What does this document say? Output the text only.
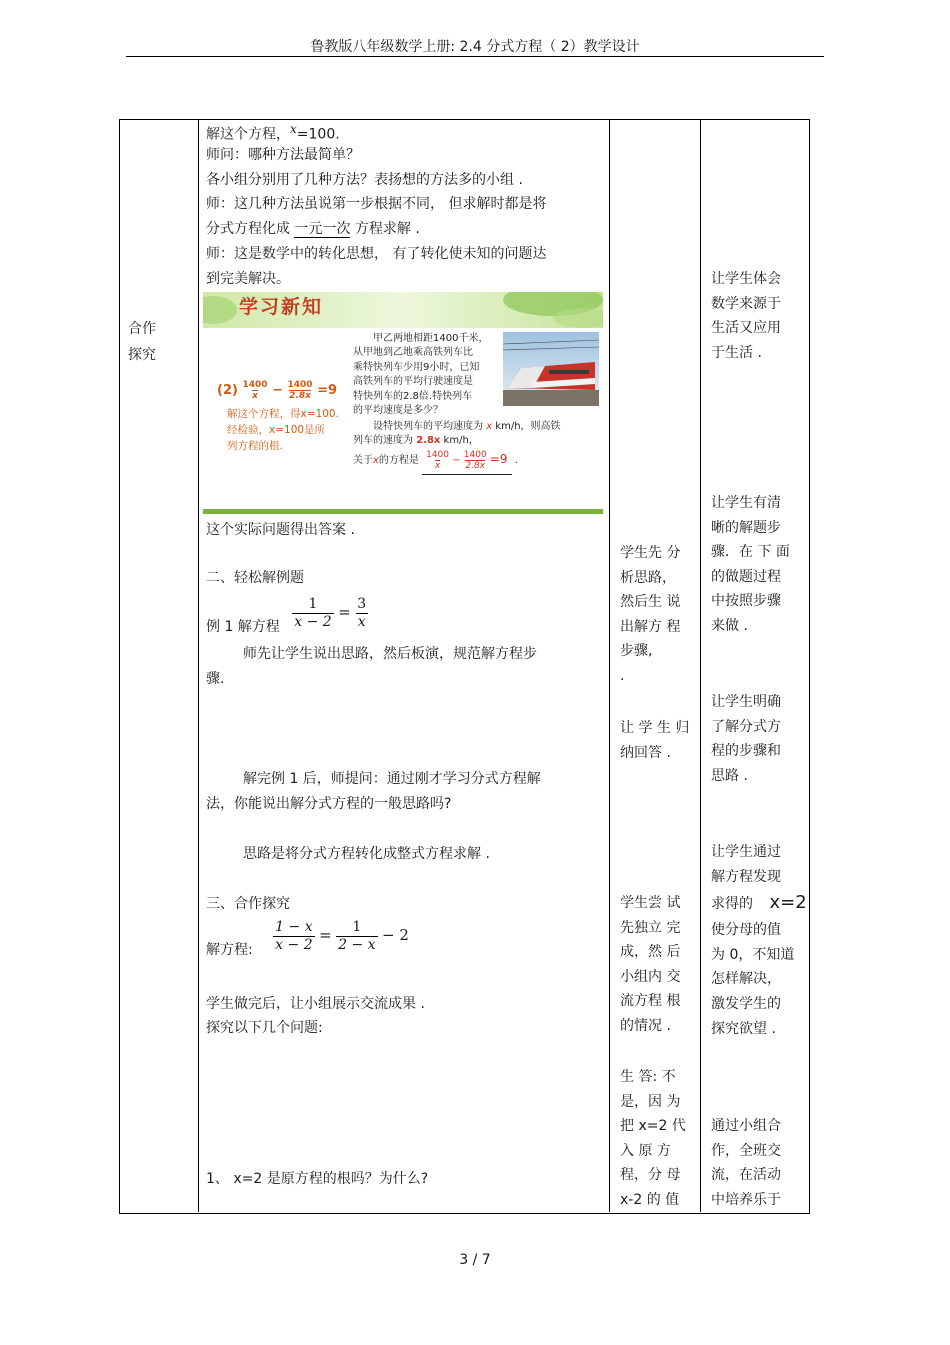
鲁教版八年级数学上册: 2.4 分式方程（ 2）教学设计
合作
探究
解这个方程，x=100.
师问：哪种方法最简单？
各小组分别用了几种方法？表扬想的方法多的小组 .
师：这几种方法虽说第一步根据不同， 但求解时都是将
分式方程化成 一元一次 方程求解 .
师：这是数学中的转化思想， 有了转化使未知的问题达
到完美解决。
学习新知
甲乙两地相距1400千米，
从甲地到乙地乘高铁列车比
乘特快列车少用9小时，已知
高铁列车的平均行驶速度是
特快列车的2.8倍.特快列车
的平均速度是多少？
设特快列车的平均速度为 x km/h，则高铁
列车的速度为 2.8x km/h，
关于x的方程是 $\frac{1400}{x} - \frac{1400}{2.8x} =9$ .
$(2) \frac{1400}{x} - \frac{1400}{2.8x} =9$
解这个方程，得x=100.
经检验，x=100是所
列方程的根.
这个实际问题得出答案 .
二、轻松解例题
例 1 解方程 $\frac{1}{x - 2} = \frac{3}{x}$
师先让学生说出思路，然后板演，规范解方程步
骤.
解完例 1 后，师提问：通过刚才学习分式方程解
法，你能说出解分式方程的一般思路吗?
思路是将分式方程转化成整式方程求解 .
三、合作探究
解方程: $\frac{1 - x}{x - 2} = \frac{1}{2 - x} - 2$
学生做完后，让小组展示交流成果 .
探究以下几个问题:
1、 x=2 是原方程的根吗？为什么?
学生先 分
析思路，
然后生 说
出解方 程
步骤,
.
让 学 生 归
纳回答 .
学生尝 试
先独立 完
成，然 后
小组内 交
流方程 根
的情况 .
生 答: 不
是，因 为
把 x=2 代
入 原 方
程，分 母
x-2 的 值
让学生体会
数学来源于
生活又应用
于生活 .
让学生有清
晰的解题步
骤．在 下 面
的做题过程
中按照步骤
来做 .
让学生明确
了解分式方
程的步骤和
思路 .
让学生通过
解方程发现
求得的 x=2
使分母的值
为 0，不知道
怎样解决，
激发学生的
探究欲望 .
通过小组合
作，全班交
流，在活动
中培养乐于
3 / 7
